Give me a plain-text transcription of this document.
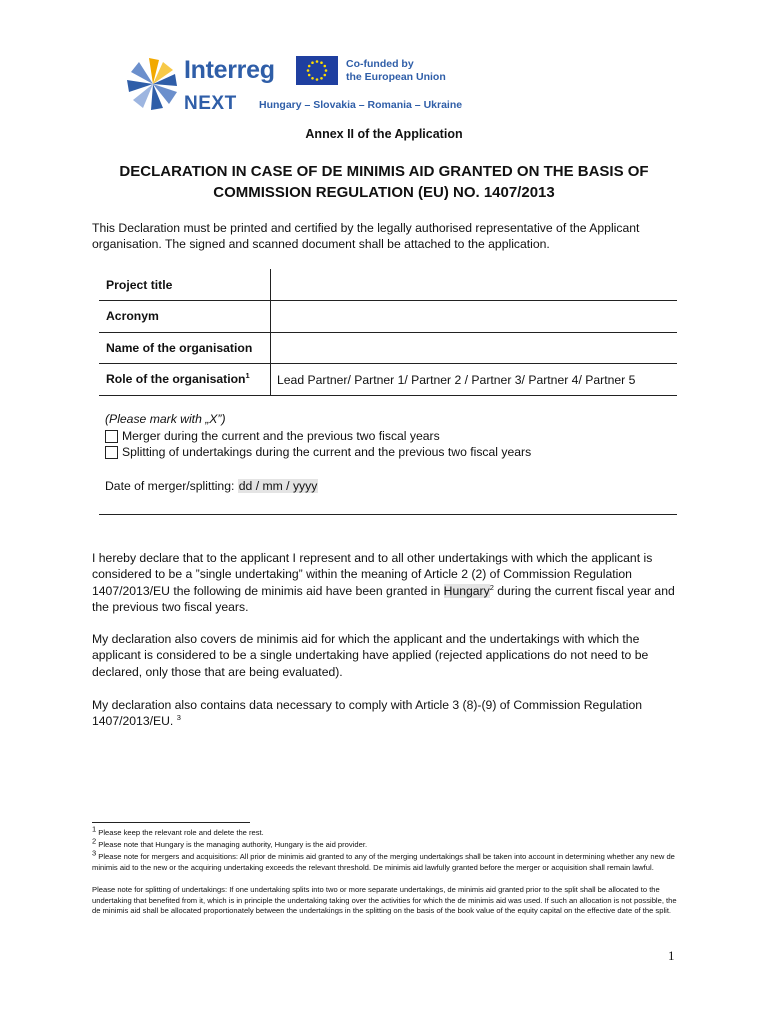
Interreg
NEXT Hungary – Slovakia – Romania – Ukraine
Co-funded by
the European Union
Annex II of the Application
DECLARATION IN CASE OF DE MINIMIS AID GRANTED ON THE BASIS OF
COMMISSION REGULATION (EU) NO. 1407/2013
This Declaration must be printed and certified by the legally authorised representative of the Applicant organisation. The signed and scanned document shall be attached to the application.
Project title
Acronym
Name of the organisation
Role of the organisation$^1$ Lead Partner/ Partner 1/ Partner 2 / Partner 3/ Partner 4/ Partner 5
(Please mark with „X”)
Merger during the current and the previous two fiscal years
Splitting of undertakings during the current and the previous two fiscal years
Date of merger/splitting: dd / mm / yyyy
I hereby declare that to the applicant I represent and to all other undertakings with which the applicant is considered to be a ”single undertaking” within the meaning of Article 2 (2) of Commission Regulation 1407/2013/EU the following de minimis aid have been granted in Hungary$^2$ during the current fiscal year and the previous two fiscal years.
My declaration also covers de minimis aid for which the applicant and the undertakings with which the applicant is considered to be a single undertaking have applied (rejected applications do not need to be declared, only those that are being evaluated).
My declaration also contains data necessary to comply with Article 3 (8)-(9) of Commission Regulation 1407/2013/EU. $^3$
$^1$ Please keep the relevant role and delete the rest.
$^2$ Please note that Hungary is the managing authority, Hungary is the aid provider.
$^3$ Please note for mergers and acquisitions: All prior de minimis aid granted to any of the merging undertakings shall be taken into account in determining whether any new de minimis aid to the new or the acquiring undertaking exceeds the relevant threshold. De minimis aid lawfully granted before the merger or acquisition shall remain lawful.
Please note for splitting of undertakings: If one undertaking splits into two or more separate undertakings, de minimis aid granted prior to the split shall be allocated to the undertaking that benefited from it, which is in principle the undertaking taking over the activities for which the de minimis aid was used. If such an allocation is not possible, the de minimis aid shall be allocated proportionately between the undertakings in the splitting on the basis of the book value of the equity capital on the effective date of the split.
1
